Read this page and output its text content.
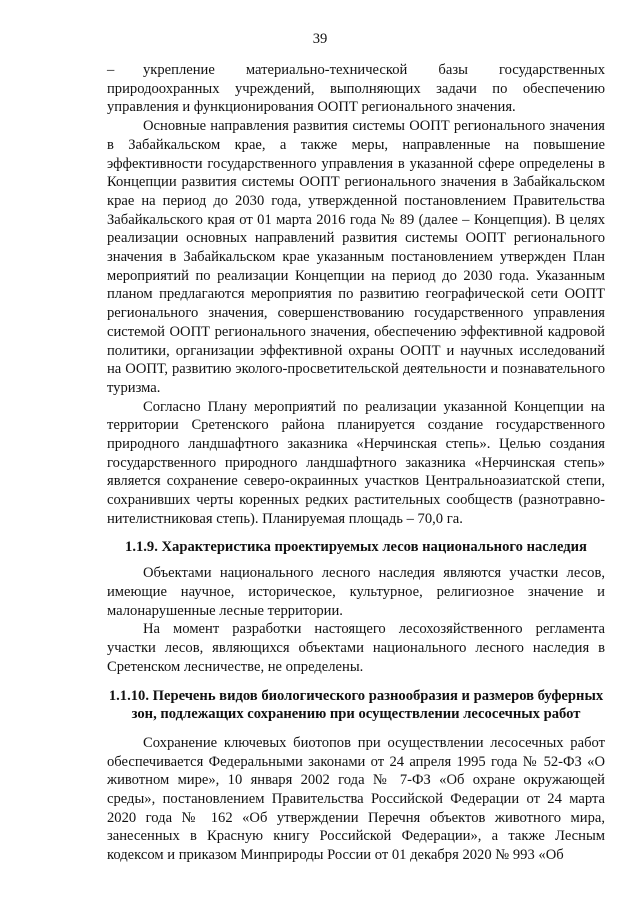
39

– укрепление материально-технической базы государственных природоохранных учреждений, выполняющих задачи по обеспечению управления и функционирования ООПТ регионального значения.

Основные направления развития системы ООПТ регионального значения в Забайкальском крае, а также меры, направленные на повышение эффективности государственного управления в указанной сфере определены в Концепции развития системы ООПТ регионального значения в Забайкальском крае на период до 2030 года, утвержденной постановлением Правительства Забайкальского края от 01 марта 2016 года № 89 (далее – Концепция). В целях реализации основных направлений развития системы ООПТ регионального значения в Забайкальском крае указанным постановлением утвержден План мероприятий по реализации Концепции на период до 2030 года. Указанным планом предлагаются мероприятия по развитию географической сети ООПТ регионального значения, совершенствованию государственного управления системой ООПТ регионального значения, обеспечению эффективной кадровой политики, организации эффективной охраны ООПТ и научных исследований на ООПТ, развитию эколого-просветительской деятельности и познавательного туризма.

Согласно Плану мероприятий по реализации указанной Концепции на территории Сретенского района планируется создание государственного природного ландшафтного заказника «Нерчинская степь». Целью создания государственного природного ландшафтного заказника «Нерчинская степь» является сохранение северо-окраинных участков Центральноазиатской степи, сохранивших черты коренных редких растительных сообществ (разнотравно-нителистниковая степь). Планируемая площадь – 70,0 га.

1.1.9. Характеристика проектируемых лесов национального наследия

Объектами национального лесного наследия являются участки лесов, имеющие научное, историческое, культурное, религиозное значение и малонарушенные лесные территории.

На момент разработки настоящего лесохозяйственного регламента участки лесов, являющихся объектами национального лесного наследия в Сретенском лесничестве, не определены.

1.1.10. Перечень видов биологического разнообразия и размеров буферных зон, подлежащих сохранению при осуществлении лесосечных работ

Сохранение ключевых биотопов при осуществлении лесосечных работ обеспечивается Федеральными законами от 24 апреля 1995 года № 52-ФЗ «О животном мире», 10 января 2002 года № 7-ФЗ «Об охране окружающей среды», постановлением Правительства Российской Федерации от 24 марта 2020 года № 162 «Об утверждении Перечня объектов животного мира, занесенных в Красную книгу Российской Федерации», а также Лесным кодексом и приказом Минприроды России от 01 декабря 2020 № 993 «Об
